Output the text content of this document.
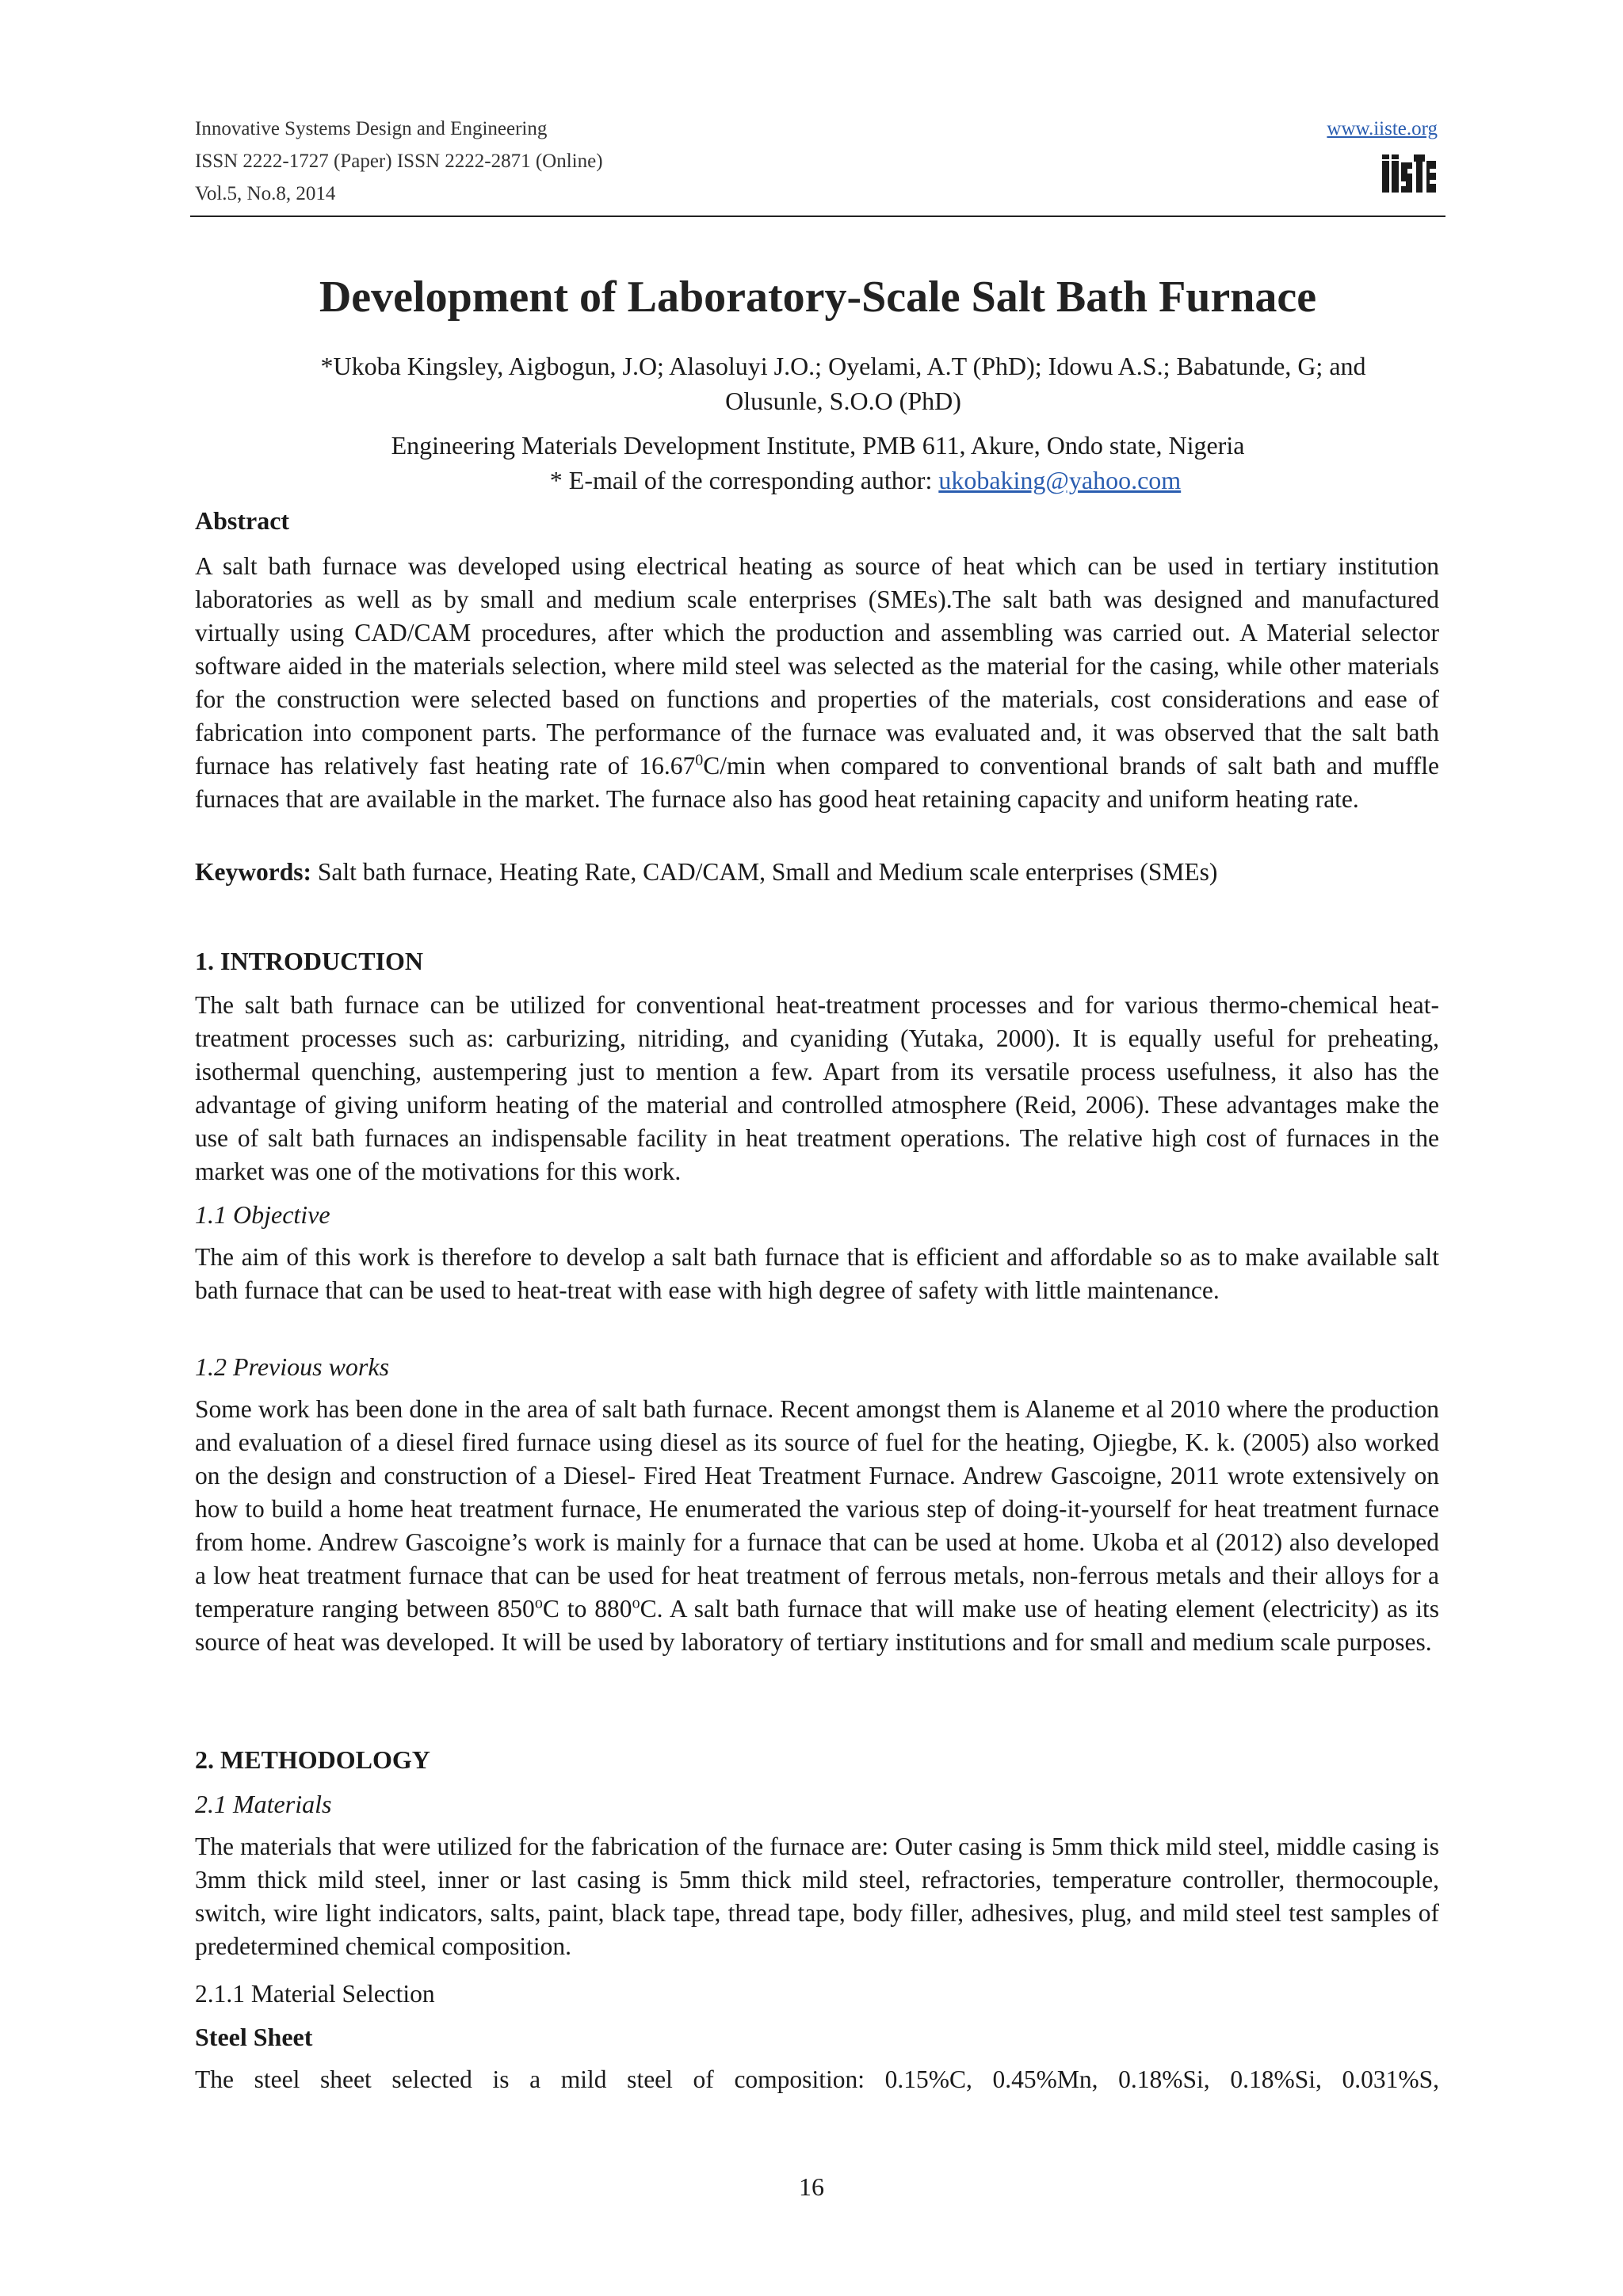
Innovative Systems Design and Engineering
ISSN 2222-1727 (Paper) ISSN 2222-2871 (Online)
Vol.5, No.8, 2014
www.iiste.org
Development of Laboratory-Scale Salt Bath Furnace
*Ukoba Kingsley, Aigbogun, J.O; Alasoluyi J.O.; Oyelami, A.T (PhD); Idowu A.S.; Babatunde, G; and
Olusunle, S.O.O (PhD)
Engineering Materials Development Institute, PMB 611, Akure, Ondo state, Nigeria
* E-mail of the corresponding author: ukobaking@yahoo.com

Abstract

A salt bath furnace was developed using electrical heating as source of heat which can be used in tertiary institution laboratories as well as by small and medium scale enterprises (SMEs).The salt bath was designed and manufactured virtually using CAD/CAM procedures, after which the production and assembling was carried out. A Material selector software aided in the materials selection, where mild steel was selected as the material for the casing, while other materials for the construction were selected based on functions and properties of the materials, cost considerations and ease of fabrication into component parts. The performance of the furnace was evaluated and, it was observed that the salt bath furnace has relatively fast heating rate of 16.67$^0$C/min when compared to conventional brands of salt bath and muffle furnaces that are available in the market. The furnace also has good heat retaining capacity and uniform heating rate.

Keywords: Salt bath furnace, Heating Rate, CAD/CAM, Small and Medium scale enterprises (SMEs)

1. INTRODUCTION

The salt bath furnace can be utilized for conventional heat-treatment processes and for various thermo-chemical heat-treatment processes such as: carburizing, nitriding, and cyaniding (Yutaka, 2000). It is equally useful for preheating, isothermal quenching, austempering just to mention a few. Apart from its versatile process usefulness, it also has the advantage of giving uniform heating of the material and controlled atmosphere (Reid, 2006). These advantages make the use of salt bath furnaces an indispensable facility in heat treatment operations. The relative high cost of furnaces in the market was one of the motivations for this work.

1.1 Objective

The aim of this work is therefore to develop a salt bath furnace that is efficient and affordable so as to make available salt bath furnace that can be used to heat-treat with ease with high degree of safety with little maintenance.

1.2 Previous works

Some work has been done in the area of salt bath furnace. Recent amongst them is Alaneme et al 2010 where the production and evaluation of a diesel fired furnace using diesel as its source of fuel for the heating, Ojiegbe, K. k. (2005) also worked on the design and construction of a Diesel- Fired Heat Treatment Furnace. Andrew Gascoigne, 2011 wrote extensively on how to build a home heat treatment furnace, He enumerated the various step of doing-it-yourself for heat treatment furnace from home. Andrew Gascoigne’s work is mainly for a furnace that can be used at home. Ukoba et al (2012) also developed a low heat treatment furnace that can be used for heat treatment of ferrous metals, non-ferrous metals and their alloys for a temperature ranging between 850$^o$C to 880$^o$C. A salt bath furnace that will make use of heating element (electricity) as its source of heat was developed. It will be used by laboratory of tertiary institutions and for small and medium scale purposes.

2. METHODOLOGY

2.1 Materials

The materials that were utilized for the fabrication of the furnace are: Outer casing is 5mm thick mild steel, middle casing is 3mm thick mild steel, inner or last casing is 5mm thick mild steel, refractories, temperature controller, thermocouple, switch, wire light indicators, salts, paint, black tape, thread tape, body filler, adhesives, plug, and mild steel test samples of predetermined chemical composition.

2.1.1 Material Selection

Steel Sheet

The steel sheet selected is a mild steel of composition: 0.15%C, 0.45%Mn, 0.18%Si, 0.18%Si, 0.031%S,

16
